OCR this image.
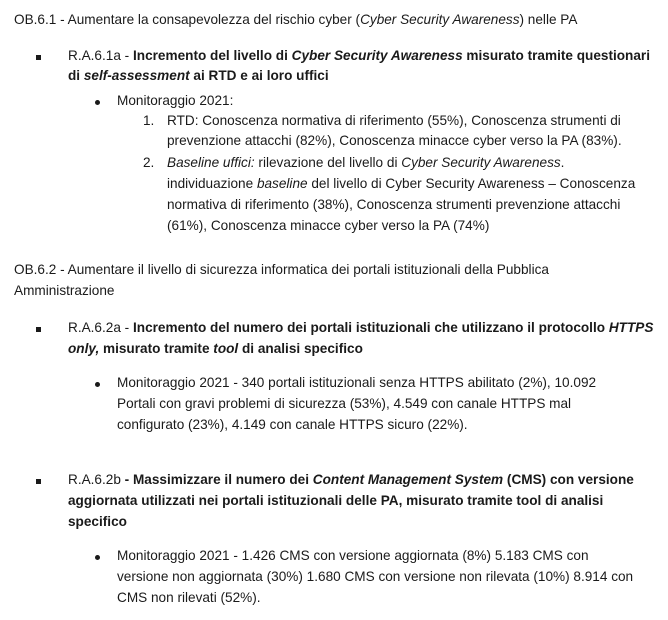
OB.6.1 - Aumentare la consapevolezza del rischio cyber (Cyber Security Awareness) nelle PA
R.A.6.1a - Incremento del livello di Cyber Security Awareness misurato tramite questionari
di self-assessment ai RTD e ai loro uffici
Monitoraggio 2021:
1. RTD: Conoscenza normativa di riferimento (55%), Conoscenza strumenti di
prevenzione attacchi (82%), Conoscenza minacce cyber verso la PA (83%).
2. Baseline uffici: rilevazione del livello di Cyber Security Awareness.
individuazione baseline del livello di Cyber Security Awareness – Conoscenza
normativa di riferimento (38%), Conoscenza strumenti prevenzione attacchi
(61%), Conoscenza minacce cyber verso la PA (74%)
OB.6.2 - Aumentare il livello di sicurezza informatica dei portali istituzionali della Pubblica
Amministrazione
R.A.6.2a - Incremento del numero dei portali istituzionali che utilizzano il protocollo HTTPS
only, misurato tramite tool di analisi specifico
Monitoraggio 2021 - 340 portali istituzionali senza HTTPS abilitato (2%), 10.092
Portali con gravi problemi di sicurezza (53%), 4.549 con canale HTTPS mal
configurato (23%), 4.149 con canale HTTPS sicuro (22%).
R.A.6.2b - Massimizzare il numero dei Content Management System (CMS) con versione
aggiornata utilizzati nei portali istituzionali delle PA, misurato tramite tool di analisi
specifico
Monitoraggio 2021 - 1.426 CMS con versione aggiornata (8%) 5.183 CMS con
versione non aggiornata (30%) 1.680 CMS con versione non rilevata (10%) 8.914 con
CMS non rilevati (52%).
